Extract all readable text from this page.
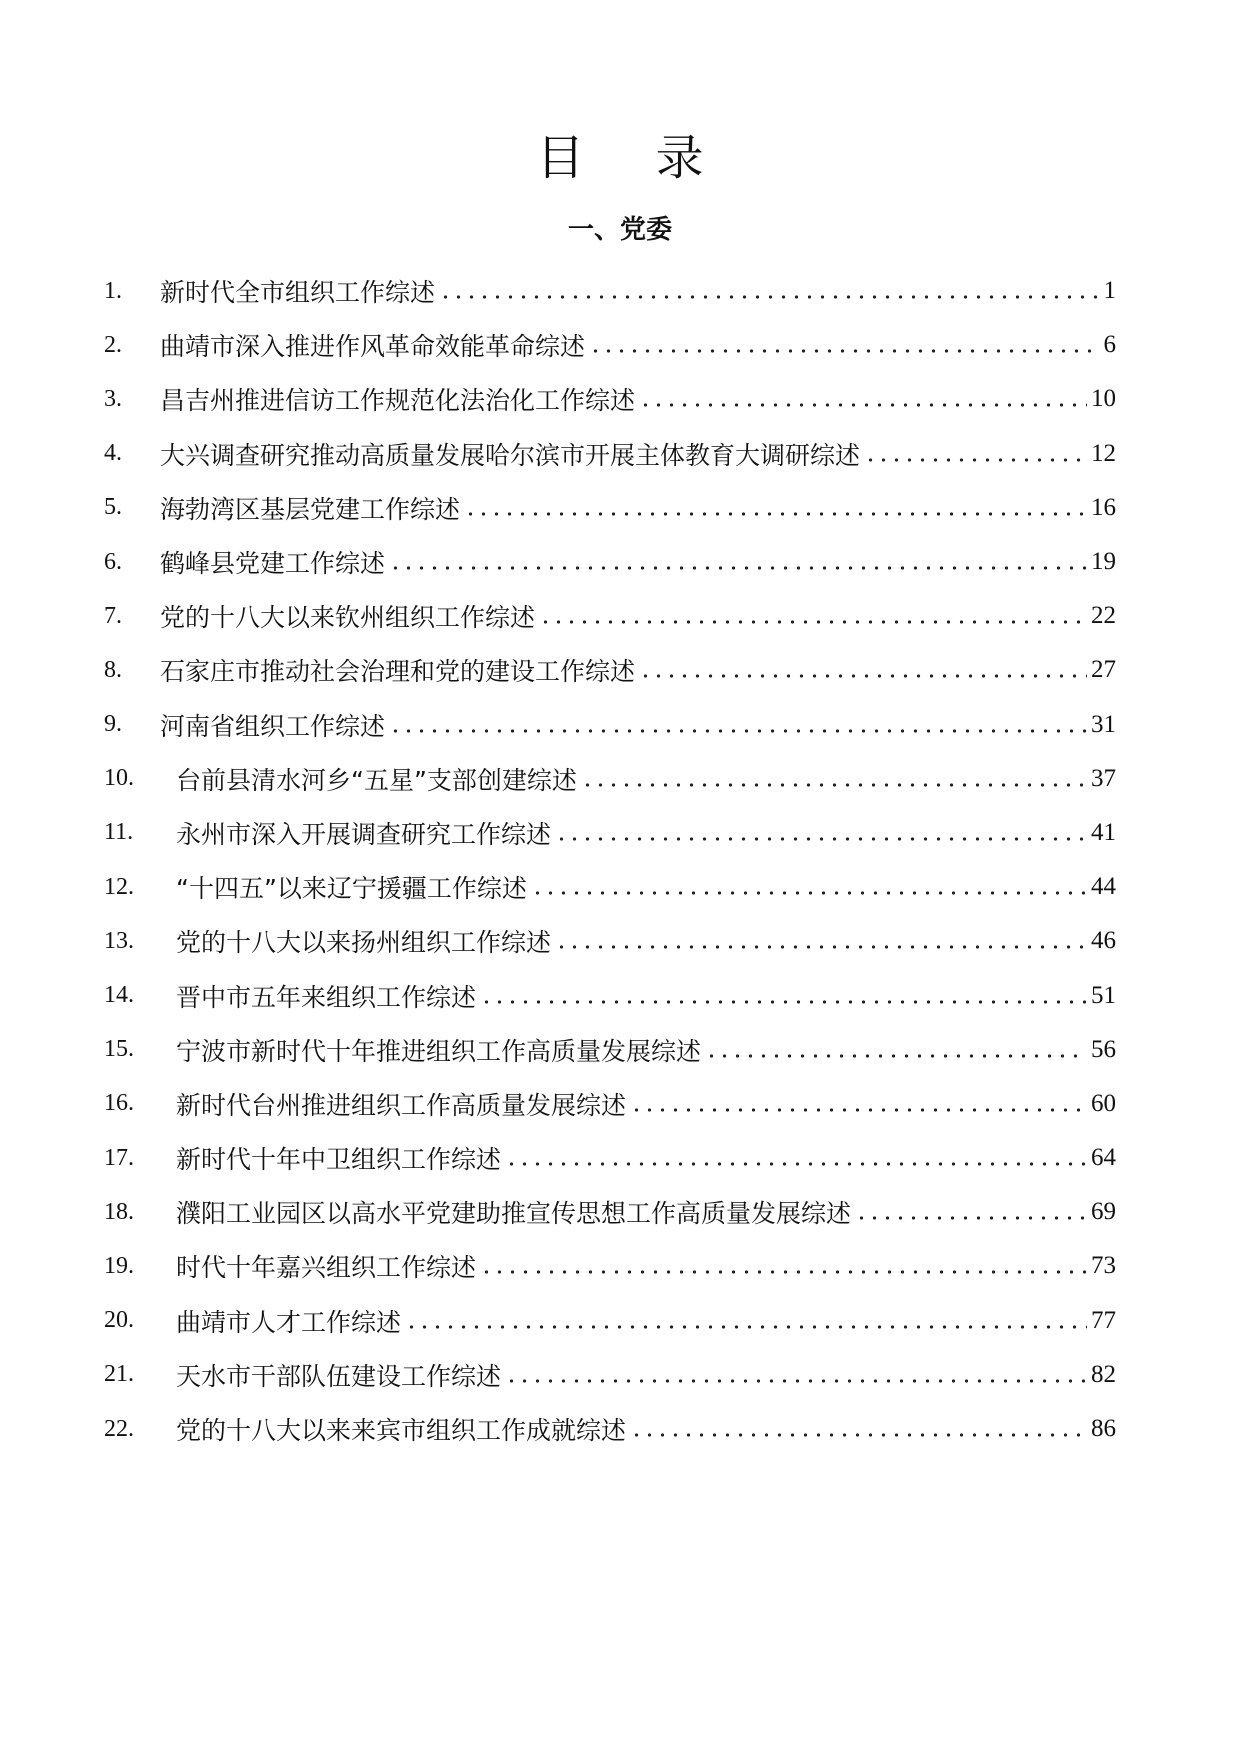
目 录
一、党委
1.	新时代全市组织工作综述	1
2.	曲靖市深入推进作风革命效能革命综述	6
3.	昌吉州推进信访工作规范化法治化工作综述	10
4.	大兴调查研究推动高质量发展哈尔滨市开展主体教育大调研综述	12
5.	海勃湾区基层党建工作综述	16
6.	鹤峰县党建工作综述	19
7.	党的十八大以来钦州组织工作综述	22
8.	石家庄市推动社会治理和党的建设工作综述	27
9.	河南省组织工作综述	31
10.	台前县清水河乡“五星”支部创建综述	37
11.	永州市深入开展调查研究工作综述	41
12.	“十四五”以来辽宁援疆工作综述	44
13.	党的十八大以来扬州组织工作综述	46
14.	晋中市五年来组织工作综述	51
15.	宁波市新时代十年推进组织工作高质量发展综述	56
16.	新时代台州推进组织工作高质量发展综述	60
17.	新时代十年中卫组织工作综述	64
18.	濮阳工业园区以高水平党建助推宣传思想工作高质量发展综述	69
19.	时代十年嘉兴组织工作综述	73
20.	曲靖市人才工作综述	77
21.	天水市干部队伍建设工作综述	82
22.	党的十八大以来来宾市组织工作成就综述	86
